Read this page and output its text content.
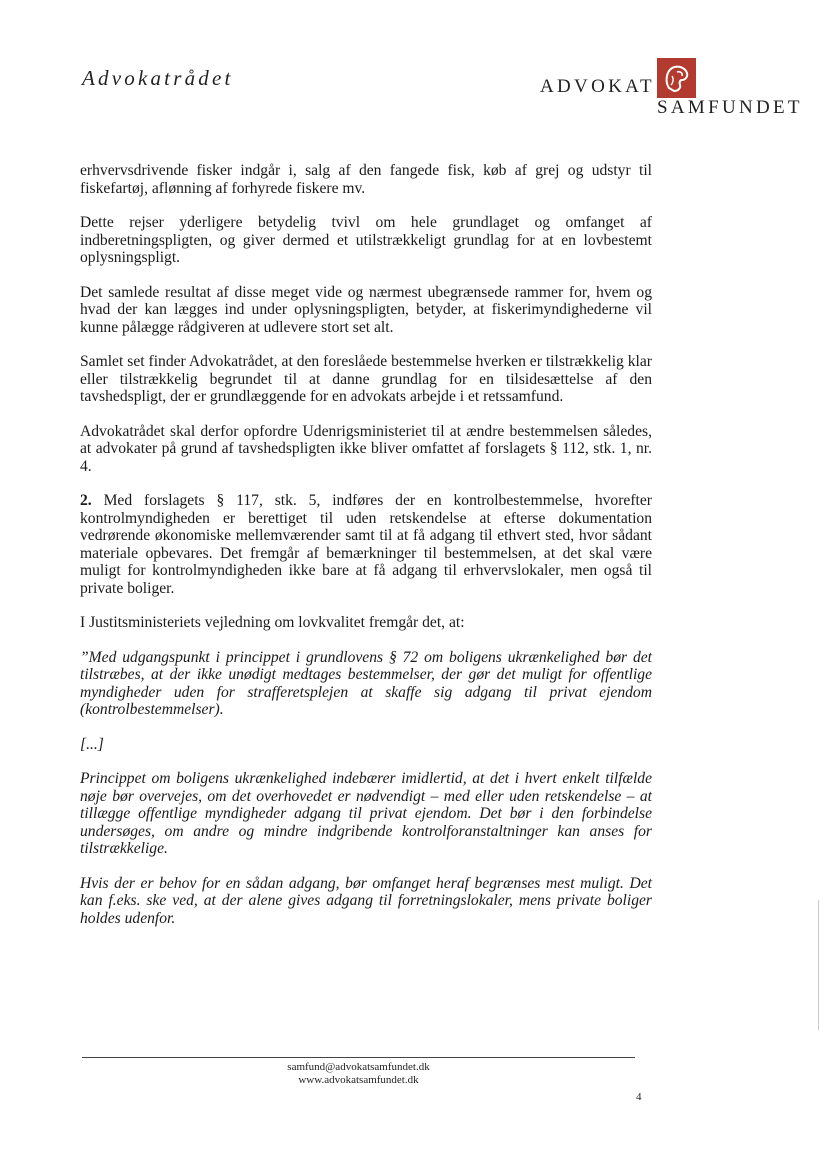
Advokatrådet	ADVOKAT
SAMFUNDET

erhvervsdrivende fisker indgår i, salg af den fangede fisk, køb af grej og udstyr til fiskefartøj, aflønning af forhyrede fiskere mv.

Dette rejser yderligere betydelig tvivl om hele grundlaget og omfanget af indberetningspligten, og giver dermed et utilstrækkeligt grundlag for at en lovbestemt oplysningspligt.

Det samlede resultat af disse meget vide og nærmest ubegrænsede rammer for, hvem og hvad der kan lægges ind under oplysningspligten, betyder, at fiskerimyndighederne vil kunne pålægge rådgiveren at udlevere stort set alt.

Samlet set finder Advokatrådet, at den foreslåede bestemmelse hverken er tilstrækkelig klar eller tilstrækkelig begrundet til at danne grundlag for en tilsidesættelse af den tavshedspligt, der er grundlæggende for en advokats arbejde i et retssamfund.

Advokatrådet skal derfor opfordre Udenrigsministeriet til at ændre bestemmelsen således, at advokater på grund af tavshedspligten ikke bliver omfattet af forslagets § 112, stk. 1, nr. 4.

2. Med forslagets § 117, stk. 5, indføres der en kontrolbestemmelse, hvorefter kontrolmyndigheden er berettiget til uden retskendelse at efterse dokumentation vedrørende økonomiske mellemværender samt til at få adgang til ethvert sted, hvor sådant materiale opbevares. Det fremgår af bemærkninger til bestemmelsen, at det skal være muligt for kontrolmyndigheden ikke bare at få adgang til erhvervslokaler, men også til private boliger.

I Justitsministeriets vejledning om lovkvalitet fremgår det, at:

”Med udgangspunkt i princippet i grundlovens § 72 om boligens ukrænkelighed bør det tilstræbes, at der ikke unødigt medtages bestemmelser, der gør det muligt for offentlige myndigheder uden for strafferetsplejen at skaffe sig adgang til privat ejendom (kontrolbestemmelser).

[...]

Princippet om boligens ukrænkelighed indebærer imidlertid, at det i hvert enkelt tilfælde nøje bør overvejes, om det overhovedet er nødvendigt – med eller uden retskendelse – at tillægge offentlige myndigheder adgang til privat ejendom. Det bør i den forbindelse undersøges, om andre og mindre indgribende kontrolforanstaltninger kan anses for tilstrækkelige.

Hvis der er behov for en sådan adgang, bør omfanget heraf begrænses mest muligt. Det kan f.eks. ske ved, at der alene gives adgang til forretningslokaler, mens private boliger holdes udenfor.

samfund@advokatsamfundet.dk
www.advokatsamfundet.dk
4
